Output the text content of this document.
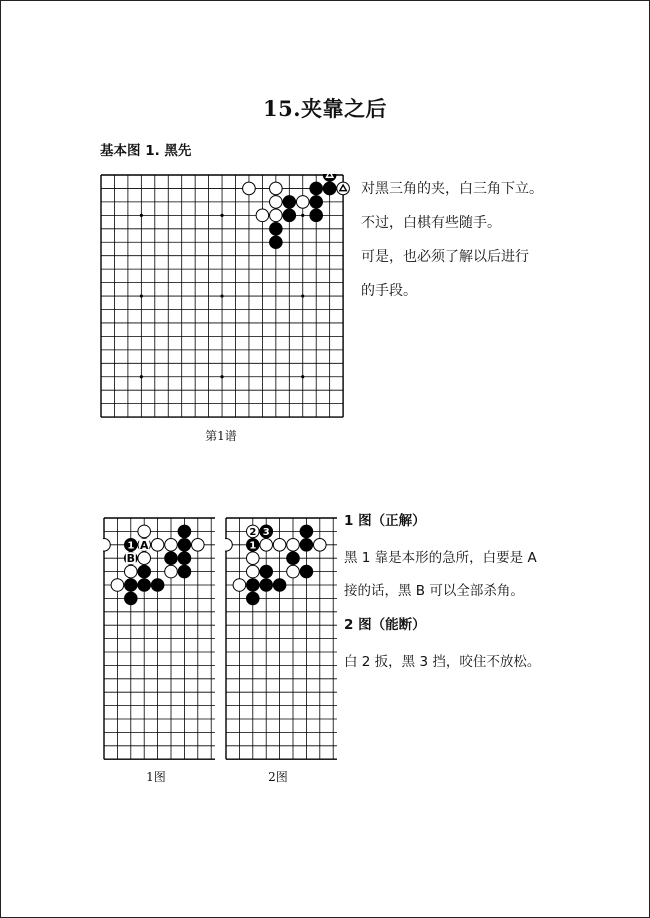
15.夹靠之后
基本图 1. 黑先
第1谱
对黑三角的夹，白三角下立。
不过，白棋有些随手。
可是，也必须了解以后进行
的手段。
1 A
B
1图
1
2 3
2图
1 图（正解）
黑 1 靠是本形的急所，白要是 A
接的话，黑 B 可以全部杀角。
2 图（能断）
白 2 扳，黑 3 挡，咬住不放松。
